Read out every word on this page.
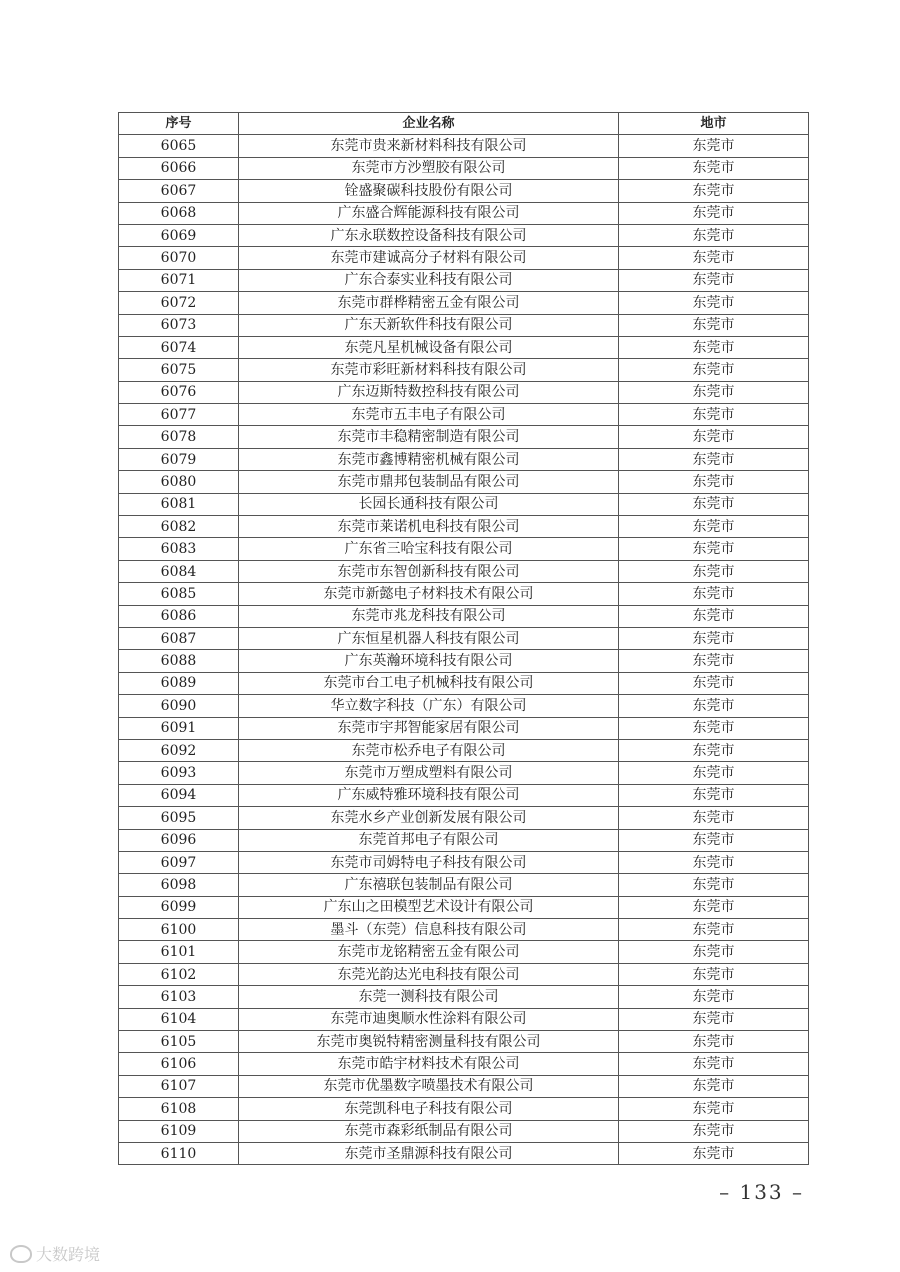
序号	企业名称	地市
6065	东莞市贵来新材料科技有限公司	东莞市
6066	东莞市方沙塑胶有限公司	东莞市
6067	铨盛聚碳科技股份有限公司	东莞市
6068	广东盛合辉能源科技有限公司	东莞市
6069	广东永联数控设备科技有限公司	东莞市
6070	东莞市建诚高分子材料有限公司	东莞市
6071	广东合泰实业科技有限公司	东莞市
6072	东莞市群桦精密五金有限公司	东莞市
6073	广东天新软件科技有限公司	东莞市
6074	东莞凡星机械设备有限公司	东莞市
6075	东莞市彩旺新材料科技有限公司	东莞市
6076	广东迈斯特数控科技有限公司	东莞市
6077	东莞市五丰电子有限公司	东莞市
6078	东莞市丰稳精密制造有限公司	东莞市
6079	东莞市鑫博精密机械有限公司	东莞市
6080	东莞市鼎邦包装制品有限公司	东莞市
6081	长园长通科技有限公司	东莞市
6082	东莞市莱诺机电科技有限公司	东莞市
6083	广东省三哈宝科技有限公司	东莞市
6084	东莞市东智创新科技有限公司	东莞市
6085	东莞市新懿电子材料技术有限公司	东莞市
6086	东莞市兆龙科技有限公司	东莞市
6087	广东恒星机器人科技有限公司	东莞市
6088	广东英瀚环境科技有限公司	东莞市
6089	东莞市台工电子机械科技有限公司	东莞市
6090	华立数字科技（广东）有限公司	东莞市
6091	东莞市宇邦智能家居有限公司	东莞市
6092	东莞市松乔电子有限公司	东莞市
6093	东莞市万塑成塑料有限公司	东莞市
6094	广东威特雅环境科技有限公司	东莞市
6095	东莞水乡产业创新发展有限公司	东莞市
6096	东莞首邦电子有限公司	东莞市
6097	东莞市司姆特电子科技有限公司	东莞市
6098	广东禧联包装制品有限公司	东莞市
6099	广东山之田模型艺术设计有限公司	东莞市
6100	墨斗（东莞）信息科技有限公司	东莞市
6101	东莞市龙铭精密五金有限公司	东莞市
6102	东莞光韵达光电科技有限公司	东莞市
6103	东莞一测科技有限公司	东莞市
6104	东莞市迪奥顺水性涂料有限公司	东莞市
6105	东莞市奥锐特精密测量科技有限公司	东莞市
6106	东莞市皓宇材料技术有限公司	东莞市
6107	东莞市优墨数字喷墨技术有限公司	东莞市
6108	东莞凯科电子科技有限公司	东莞市
6109	东莞市森彩纸制品有限公司	东莞市
6110	东莞市圣鼎源科技有限公司	东莞市
– 133 –
大数跨境
